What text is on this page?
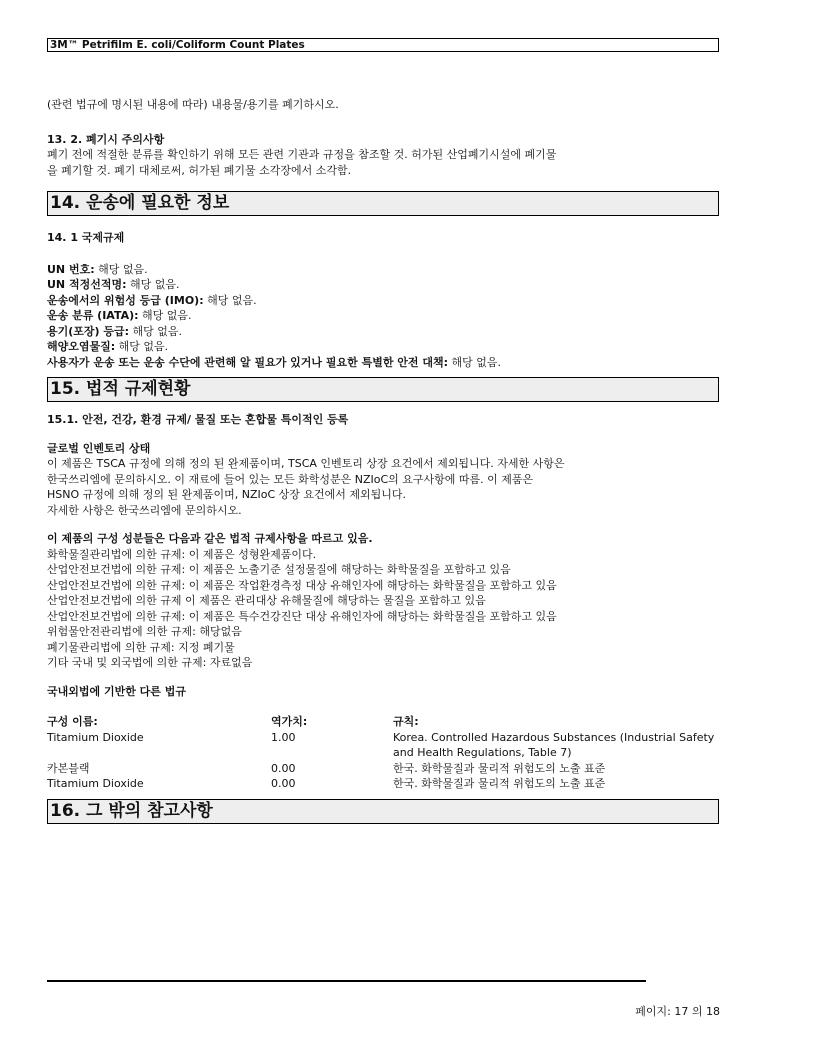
3M™ Petrifilm E. coli/Coliform Count Plates

(관련 법규에 명시된 내용에 따라) 내용물/용기를 폐기하시오.

13. 2. 폐기시 주의사항

폐기 전에 적절한 분류를 확인하기 위해 모든 관련 기관과 규정을 참조할 것. 허가된 산업폐기시설에 폐기물

을 폐기할 것. 폐기 대체로써, 허가된 폐기물 소각장에서 소각함.

14. 운송에 필요한 정보

14. 1 국제규제

UN 번호: 해당 없음.

UN 적정선적명: 해당 없음.

운송에서의 위험성 등급 (IMO): 해당 없음.

운송 분류 (IATA): 해당 없음.

용기(포장) 등급: 해당 없음.

해양오염물질: 해당 없음.

사용자가 운송 또는 운송 수단에 관련해 알 필요가 있거나 필요한 특별한 안전 대책: 해당 없음.

15. 법적 규제현황

15.1. 안전, 건강, 환경 규제/ 물질 또는 혼합물 특이적인 등록

글로벌 인벤토리 상태

이 제품은 TSCA 규정에 의해 정의 된 완제품이며, TSCA 인벤토리 상장 요건에서 제외됩니다. 자세한 사항은

한국쓰리엠에 문의하시오. 이 재료에 들어 있는 모든 화학성분은 NZIoC의 요구사항에 따름. 이 제품은

HSNO 규정에 의해 정의 된 완제품이며, NZIoC 상장 요건에서 제외됩니다.

자세한 사항은 한국쓰리엠에 문의하시오.

이 제품의 구성 성분들은 다음과 같은 법적 규제사항을 따르고 있음.

화학물질관리법에 의한 규제: 이 제품은 성형완제품이다.

산업안전보건법에 의한 규제: 이 제품은 노출기준 설정물질에 해당하는 화학물질을 포함하고 있음

산업안전보건법에 의한 규제: 이 제품은 작업환경측정 대상 유해인자에 해당하는 화학물질을 포함하고 있음

산업안전보건법에 의한 규제 이 제품은 관리대상 유해물질에 해당하는 물질을 포함하고 있음

산업안전보건법에 의한 규제: 이 제품은 특수건강진단 대상 유해인자에 해당하는 화학물질을 포함하고 있음

위험물안전관리법에 의한 규제: 해당없음

폐기물관리법에 의한 규제: 지정 폐기물

기타 국내 및 외국법에 의한 규제: 자료없음

국내외법에 기반한 다른 법규

구성 이름:	역가치:	규칙:
Titamium Dioxide	1.00	Korea. Controlled Hazardous Substances (Industrial Safety and Health Regulations, Table 7)
카본블랙	0.00	한국. 화학물질과 물리적 위험도의 노출 표준
Titamium Dioxide	0.00	한국. 화학물질과 물리적 위험도의 노출 표준
16. 그 밖의 참고사항
페이지: 17 의 18
